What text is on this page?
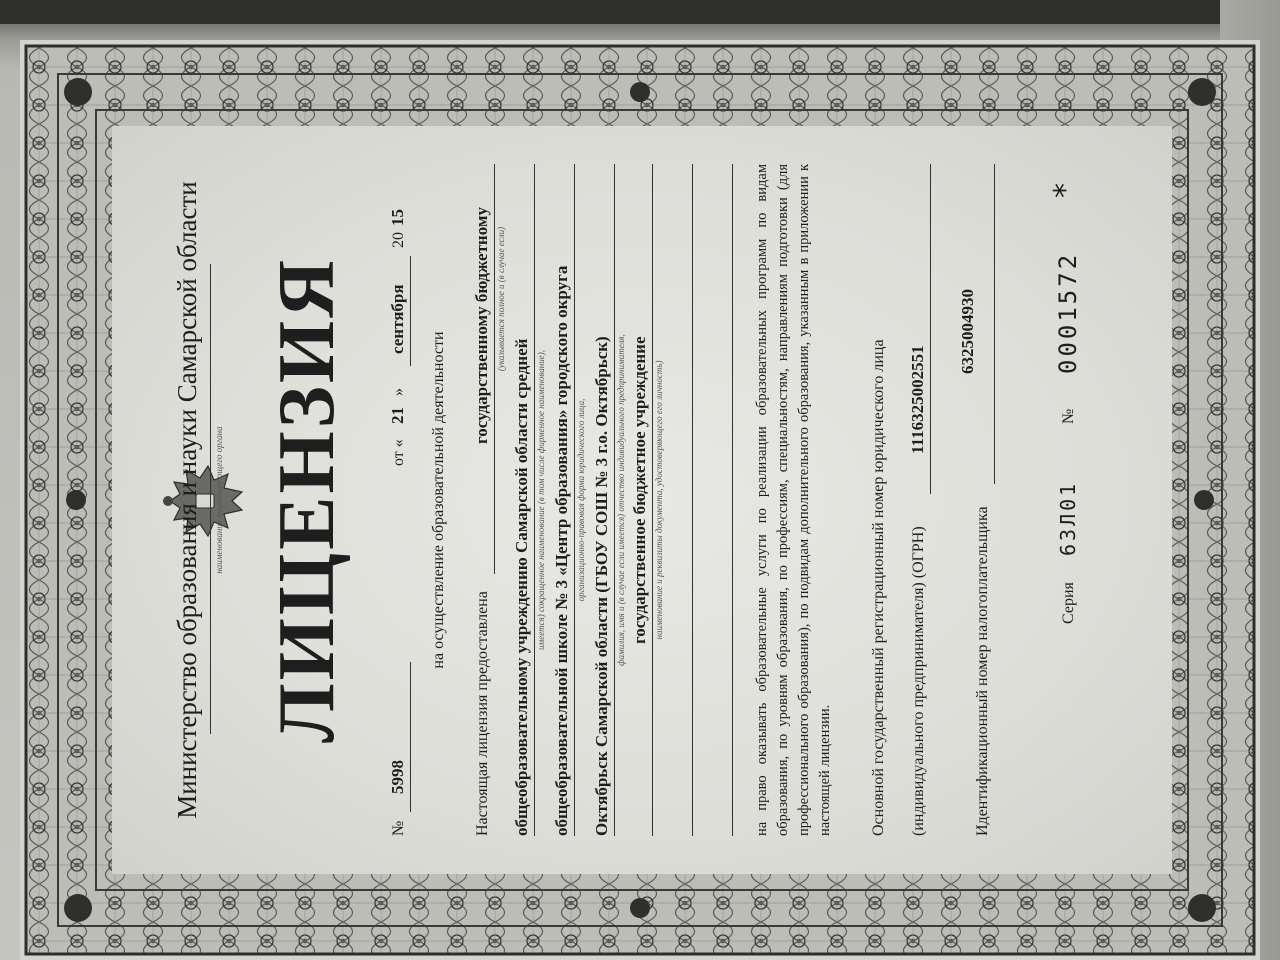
Министерство образования и науки Самарской области наименование лицензирующего органа ЛИЦЕНЗИЯ
№
5998
от «
21
»
сентября
20
15
на осуществление образовательной деятельности
Настоящая лицензия предоставлена
государственному бюджетному (указывается полное и (в случае если)
общеобразовательному учреждению Самарской области средней имеется) сокращенное наименование (в том числе фирменное наименование), общеобразовательной школе № 3 «Центр образования» городского округа организационно-правовая форма юридического лица, Октябрьск Самарской области (ГБОУ СОШ № 3 г.о. Октябрьск) фамилия, имя и (в случае если имеется) отчество индивидуального предпринимателя, государственное бюджетное учреждение наименование и реквизиты документа, удостоверяющего его личность)	на право оказывать образовательные услуги по реализации образовательных программ по видам образования, по уровням образования, по профессиям, специальностям, направлениям подготовки (для профессионального образования), по подвидам дополнительного образования, указанным в приложении к настоящей лицензии. Основной государственный регистрационный номер юридического лица (индивидуального предпринимателя) (ОГРН)
1116325002551
Идентификационный номер налогоплательщика
6325004930
Серия
63Л01
№
0001572
*
